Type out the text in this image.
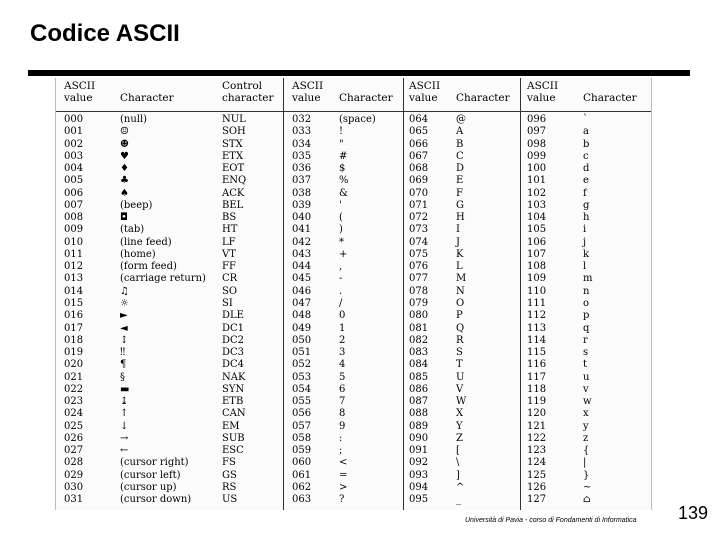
Codice ASCII
ASCII
value
	Character
Control
character
ASCII
value
Character
ASCII
value
Character
ASCII
value
	Character
000
001
002
003
004
005
006
007
008
009
010
011
012
013
014
015
016
017
018
019
020
021
022
023
024
025
026
027
028
029
030
031
(null)
☺
☻
♥
♦
♣
♠
(beep)
◘
(tab)
(line feed)
(home)
(form feed)
(carriage return)
♫
☼
►
◄
↕
‼
¶
§
▬
↨
↑
↓
→
←
(cursor right)
(cursor left)
(cursor up)
(cursor down)
NUL
SOH
STX
ETX
EOT
ENQ
ACK
BEL
BS
HT
LF
VT
FF
CR
SO
SI
DLE
DC1
DC2
DC3
DC4
NAK
SYN
ETB
CAN
EM
SUB
ESC
FS
GS
RS
US
032
033
034
035
036
037
038
039
040
041
042
043
044
045
046
047
048
049
050
051
052
053
054
055
056
057
058
059
060
061
062
063
(space)
!
"
#
$
%
&
'
(
)
*
+
,
-
.
/
0
1
2
3
4
5
6
7
8
9
:
;
<
=
>
?
064
065
066
067
068
069
070
071
072
073
074
075
076
077
078
079
080
081
082
083
084
085
086
087
088
089
090
091
092
093
094
095
@
A
B
C
D
E
F
G
H
I
J
K
L
M
N
O
P
Q
R
S
T
U
V
W
X
Y
Z
[
\
]
^
_
096
097
098
099
100
101
102
103
104
105
106
107
108
109
110
111
112
113
114
115
116
117
118
119
120
121
122
123
124
125
126
127
`
a
b
c
d
e
f
g
h
i
j
k
l
m
n
o
p
q
r
s
t
u
v
w
x
y
z
{
|
}
~
⌂
Università di Pavia - corso di Fondamenti di Informatica 139
